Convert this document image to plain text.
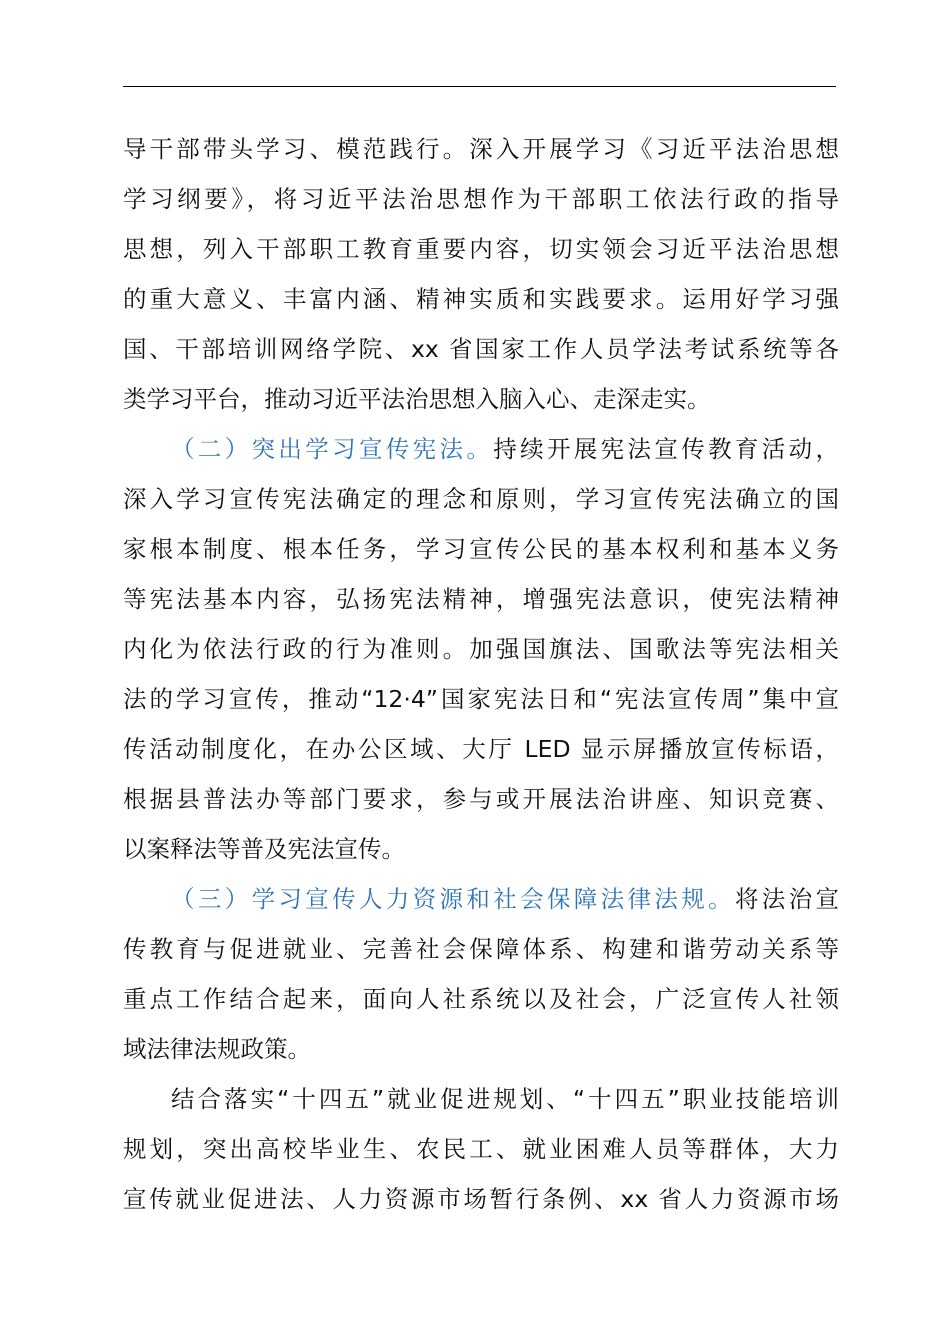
导干部带头学习、模范践行。深入开展学习《习近平法治思想
学习纲要》，将习近平法治思想作为干部职工依法行政的指导
思想，列入干部职工教育重要内容，切实领会习近平法治思想
的重大意义、丰富内涵、精神实质和实践要求。运用好学习强
国、干部培训网络学院、xx 省国家工作人员学法考试系统等各
类学习平台，推动习近平法治思想入脑入心、走深走实。
（二）突出学习宣传宪法。持续开展宪法宣传教育活动，
深入学习宣传宪法确定的理念和原则，学习宣传宪法确立的国
家根本制度、根本任务，学习宣传公民的基本权利和基本义务
等宪法基本内容，弘扬宪法精神，增强宪法意识，使宪法精神
内化为依法行政的行为准则。加强国旗法、国歌法等宪法相关
法的学习宣传，推动“12·4”国家宪法日和“宪法宣传周”集中宣
传活动制度化，在办公区域、大厅 LED 显示屏播放宣传标语，
根据县普法办等部门要求，参与或开展法治讲座、知识竞赛、
以案释法等普及宪法宣传。
（三）学习宣传人力资源和社会保障法律法规。将法治宣
传教育与促进就业、完善社会保障体系、构建和谐劳动关系等
重点工作结合起来，面向人社系统以及社会，广泛宣传人社领
域法律法规政策。
结合落实“十四五”就业促进规划、“十四五”职业技能培训
规划，突出高校毕业生、农民工、就业困难人员等群体，大力
宣传就业促进法、人力资源市场暂行条例、xx 省人力资源市场
